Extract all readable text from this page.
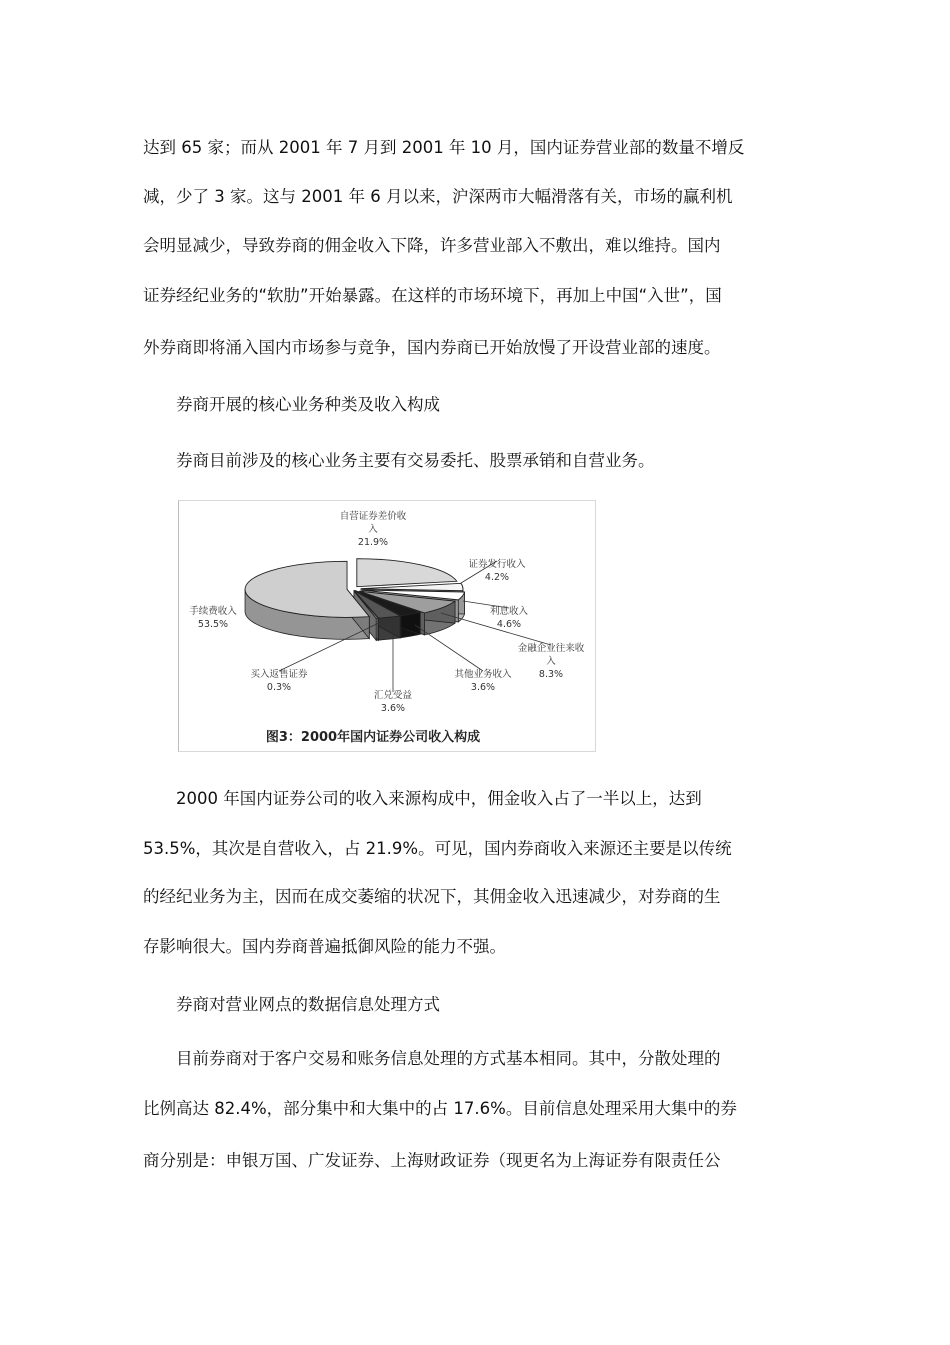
达到 65 家；而从 2001 年 7 月到 2001 年 10 月，国内证券营业部的数量不增反
减，少了 3 家。这与 2001 年 6 月以来，沪深两市大幅滑落有关，市场的赢利机
会明显减少，导致券商的佣金收入下降，许多营业部入不敷出，难以维持。国内
证券经纪业务的“软肋”开始暴露。在这样的市场环境下，再加上中国“入世”，国
外券商即将涌入国内市场参与竞争，国内券商已开始放慢了开设营业部的速度。
券商开展的核心业务种类及收入构成
券商目前涉及的核心业务主要有交易委托、股票承销和自营业务。
自营证券差价收
入
21.9%
证券发行收入
4.2%
利息收入
4.6%
金融企业往来收
入
8.3%
其他业务收入
3.6%
汇兑受益
3.6%
买入返售证券
0.3%
手续费收入
53.5%
图3：2000年国内证券公司收入构成
2000 年国内证券公司的收入来源构成中，佣金收入占了一半以上，达到
53.5%，其次是自营收入，占 21.9%。可见，国内券商收入来源还主要是以传统
的经纪业务为主，因而在成交萎缩的状况下，其佣金收入迅速减少，对券商的生
存影响很大。国内券商普遍抵御风险的能力不强。
券商对营业网点的数据信息处理方式
目前券商对于客户交易和账务信息处理的方式基本相同。其中，分散处理的
比例高达 82.4%，部分集中和大集中的占 17.6%。目前信息处理采用大集中的券
商分别是：申银万国、广发证券、上海财政证券（现更名为上海证券有限责任公
